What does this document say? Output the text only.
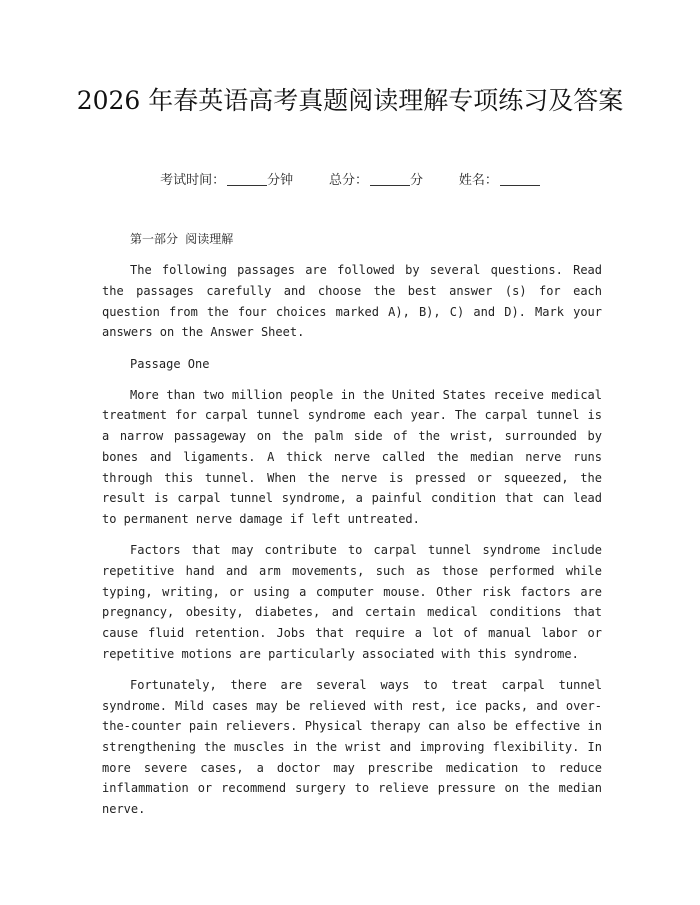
2026 年春英语高考真题阅读理解专项练习及答案
考试时间：	分钟	总分：	分	姓名：

第一部分 阅读理解

The following passages are followed by several questions. Read the passages carefully and choose the best answer (s) for each question from the four choices marked A), B), C) and D). Mark your answers on the Answer Sheet.

Passage One

More than two million people in the United States receive medical treatment for carpal tunnel syndrome each year. The carpal tunnel is a narrow passageway on the palm side of the wrist, surrounded by bones and ligaments. A thick nerve called the median nerve runs through this tunnel. When the nerve is pressed or squeezed, the result is carpal tunnel syndrome, a painful condition that can lead to permanent nerve damage if left untreated.

Factors that may contribute to carpal tunnel syndrome include repetitive hand and arm movements, such as those performed while typing, writing, or using a computer mouse. Other risk factors are pregnancy, obesity, diabetes, and certain medical conditions that cause fluid retention. Jobs that require a lot of manual labor or repetitive motions are particularly associated with this syndrome.

Fortunately, there are several ways to treat carpal tunnel syndrome. Mild cases may be relieved with rest, ice packs, and over-the-counter pain relievers. Physical therapy can also be effective in strengthening the muscles in the wrist and improving flexibility. In more severe cases, a doctor may prescribe medication to reduce inflammation or recommend surgery to relieve pressure on the median nerve.
